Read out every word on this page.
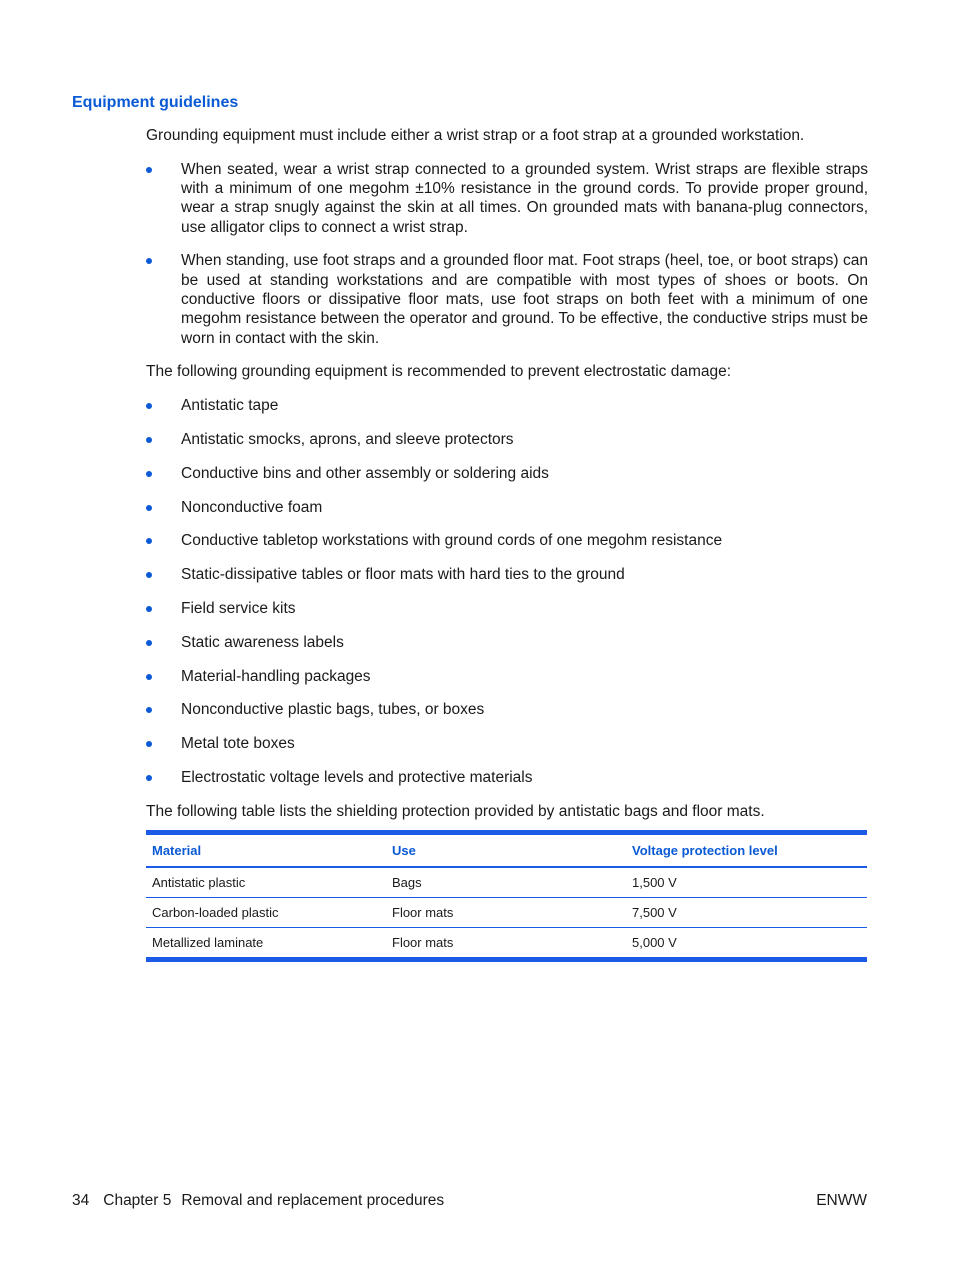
Equipment guidelines

Grounding equipment must include either a wrist strap or a foot strap at a grounded workstation.

When seated, wear a wrist strap connected to a grounded system. Wrist straps are flexible straps with a minimum of one megohm ±10% resistance in the ground cords. To provide proper ground, wear a strap snugly against the skin at all times. On grounded mats with banana-plug connectors, use alligator clips to connect a wrist strap.
When standing, use foot straps and a grounded floor mat. Foot straps (heel, toe, or boot straps) can be used at standing workstations and are compatible with most types of shoes or boots. On conductive floors or dissipative floor mats, use foot straps on both feet with a minimum of one megohm resistance between the operator and ground. To be effective, the conductive strips must be worn in contact with the skin.

The following grounding equipment is recommended to prevent electrostatic damage:

Antistatic tape
Antistatic smocks, aprons, and sleeve protectors
Conductive bins and other assembly or soldering aids
Nonconductive foam
Conductive tabletop workstations with ground cords of one megohm resistance
Static-dissipative tables or floor mats with hard ties to the ground
Field service kits
Static awareness labels
Material-handling packages
Nonconductive plastic bags, tubes, or boxes
Metal tote boxes
Electrostatic voltage levels and protective materials

The following table lists the shielding protection provided by antistatic bags and floor mats.

Material	Use	Voltage protection level
Antistatic plastic	Bags	1,500 V
Carbon-loaded plastic	Floor mats	7,500 V
Metallized laminate	Floor mats	5,000 V
34 Chapter 5 Removal and replacement procedures	ENWW
